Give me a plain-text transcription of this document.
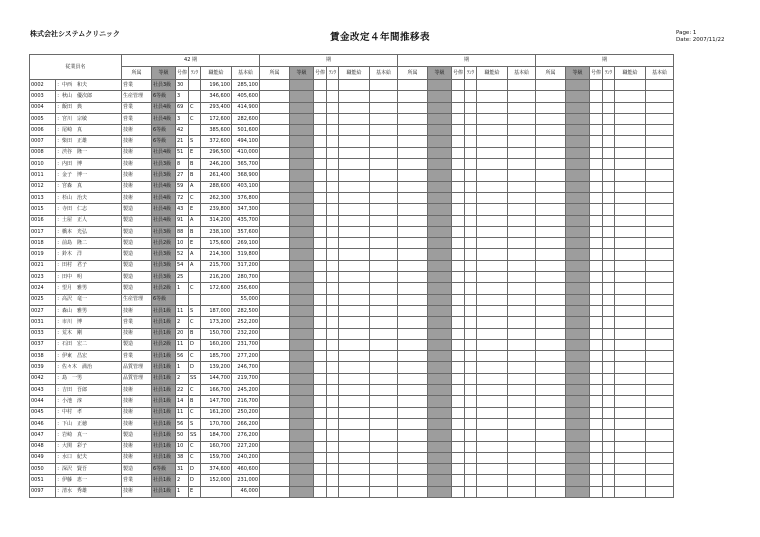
株式会社システムクリニック	賃金改定４年間推移表	Page: 1
Date: 2007/11/22
従業員名		42 期						期						期						期					
		所属	等級	号俸	ﾗﾝｸ	職能給	基本給	所属	等級	号俸	ﾗﾝｸ	職能給	基本給	所属	等級	号俸	ﾗﾝｸ	職能給	基本給	所属	等級	号俸	ﾗﾝｸ	職能給	基本給
0002	：中西　和夫	営業	社員3級	30		196,100	285,100																		
0003	：秋山　優次郎	生産管理	6等級	3		346,600	405,600																		
0004	：飯田　典	営業	社員4級	69	C	293,400	414,900																		
0005	：宮川　宗敏	営業	社員4級	3	C	172,600	282,600																		
0006	：尾崎　真	技術	6等級	42		385,600	501,600																		
0007	：柴田　正雄	技術	6等級	21	S	372,600	494,100																		
0008	：渋谷　隆一	技術	社員4級	51	E	296,500	410,000																		
0010	：内田　博	技術	社員3級	8	B	246,200	365,700																		
0011	：金子　博一	技術	社員3級	27	B	261,400	368,900																		
0012	：宮森　真	技術	社員4級	59	A	288,600	403,100																		
0013	：杉山　治夫	技術	社員4級	72	C	262,300	376,800																		
0015	：寺田　仁志	製造	社員4級	43	E	239,800	347,300																		
0016	：土屋　正人	製造	社員4級	91	A	314,200	435,700																		
0017	：橋本　光弘	製造	社員3級	88	B	238,100	357,600																		
0018	：前島　隆二	製造	社員2級	10	E	175,600	269,100																		
0019	：鈴木　洋	製造	社員3級	52	A	214,300	319,800																		
0021	：田村　君子	製造	社員3級	54	A	215,700	317,200																		
0023	：田中　明	製造	社員3級	25		216,200	280,700																		
0024	：望月　雅男	製造	社員2級	1	C	172,600	256,600																		
0025	：高沢　竜一	生産管理	6等級				55,000																		
0027	：森山　雅男	技術	社員1級	11	S	187,000	282,500																		
0031	：市川　博	営業	社員1級	2	C	173,200	252,200																		
0033	：荒木　剛	技術	社員1級	20	B	150,700	232,200																		
0037	：石田　宏二	製造	社員2級	11	D	160,200	231,700																		
0038	：伊東　昌宏	営業	社員1級	56	C	185,700	277,200																		
0039	：佐々木　満治	品質管理	社員1級	1	D	139,200	246,700																		
0042	：島　一男	品質管理	社員1級	2	SS	144,700	219,700																		
0043	：吉田　吾郎	技術	社員1級	22	C	166,700	245,200																		
0044	：小池　淳	技術	社員1級	14	B	147,700	216,700																		
0045	：中村　孝	技術	社員1級	11	C	161,200	250,200																		
0046	：下山　正徳	技術	社員1級	56	S	170,700	266,200																		
0047	：岩崎　真一	製造	社員1級	50	SS	184,700	276,200																		
0048	：大関　彩子	技術	社員1級	10	C	160,700	227,200																		
0049	：水口　紀夫	技術	社員1級	38	C	159,700	240,200																		
0050	：深沢　賢吾	製造	6等級	31	D	374,600	460,600																		
0051	：伊藤　恵一	営業	社員1級	2	D	152,000	231,000																		
0097	：清水　秀雄	技術	社員1級	1	E		46,000																		
